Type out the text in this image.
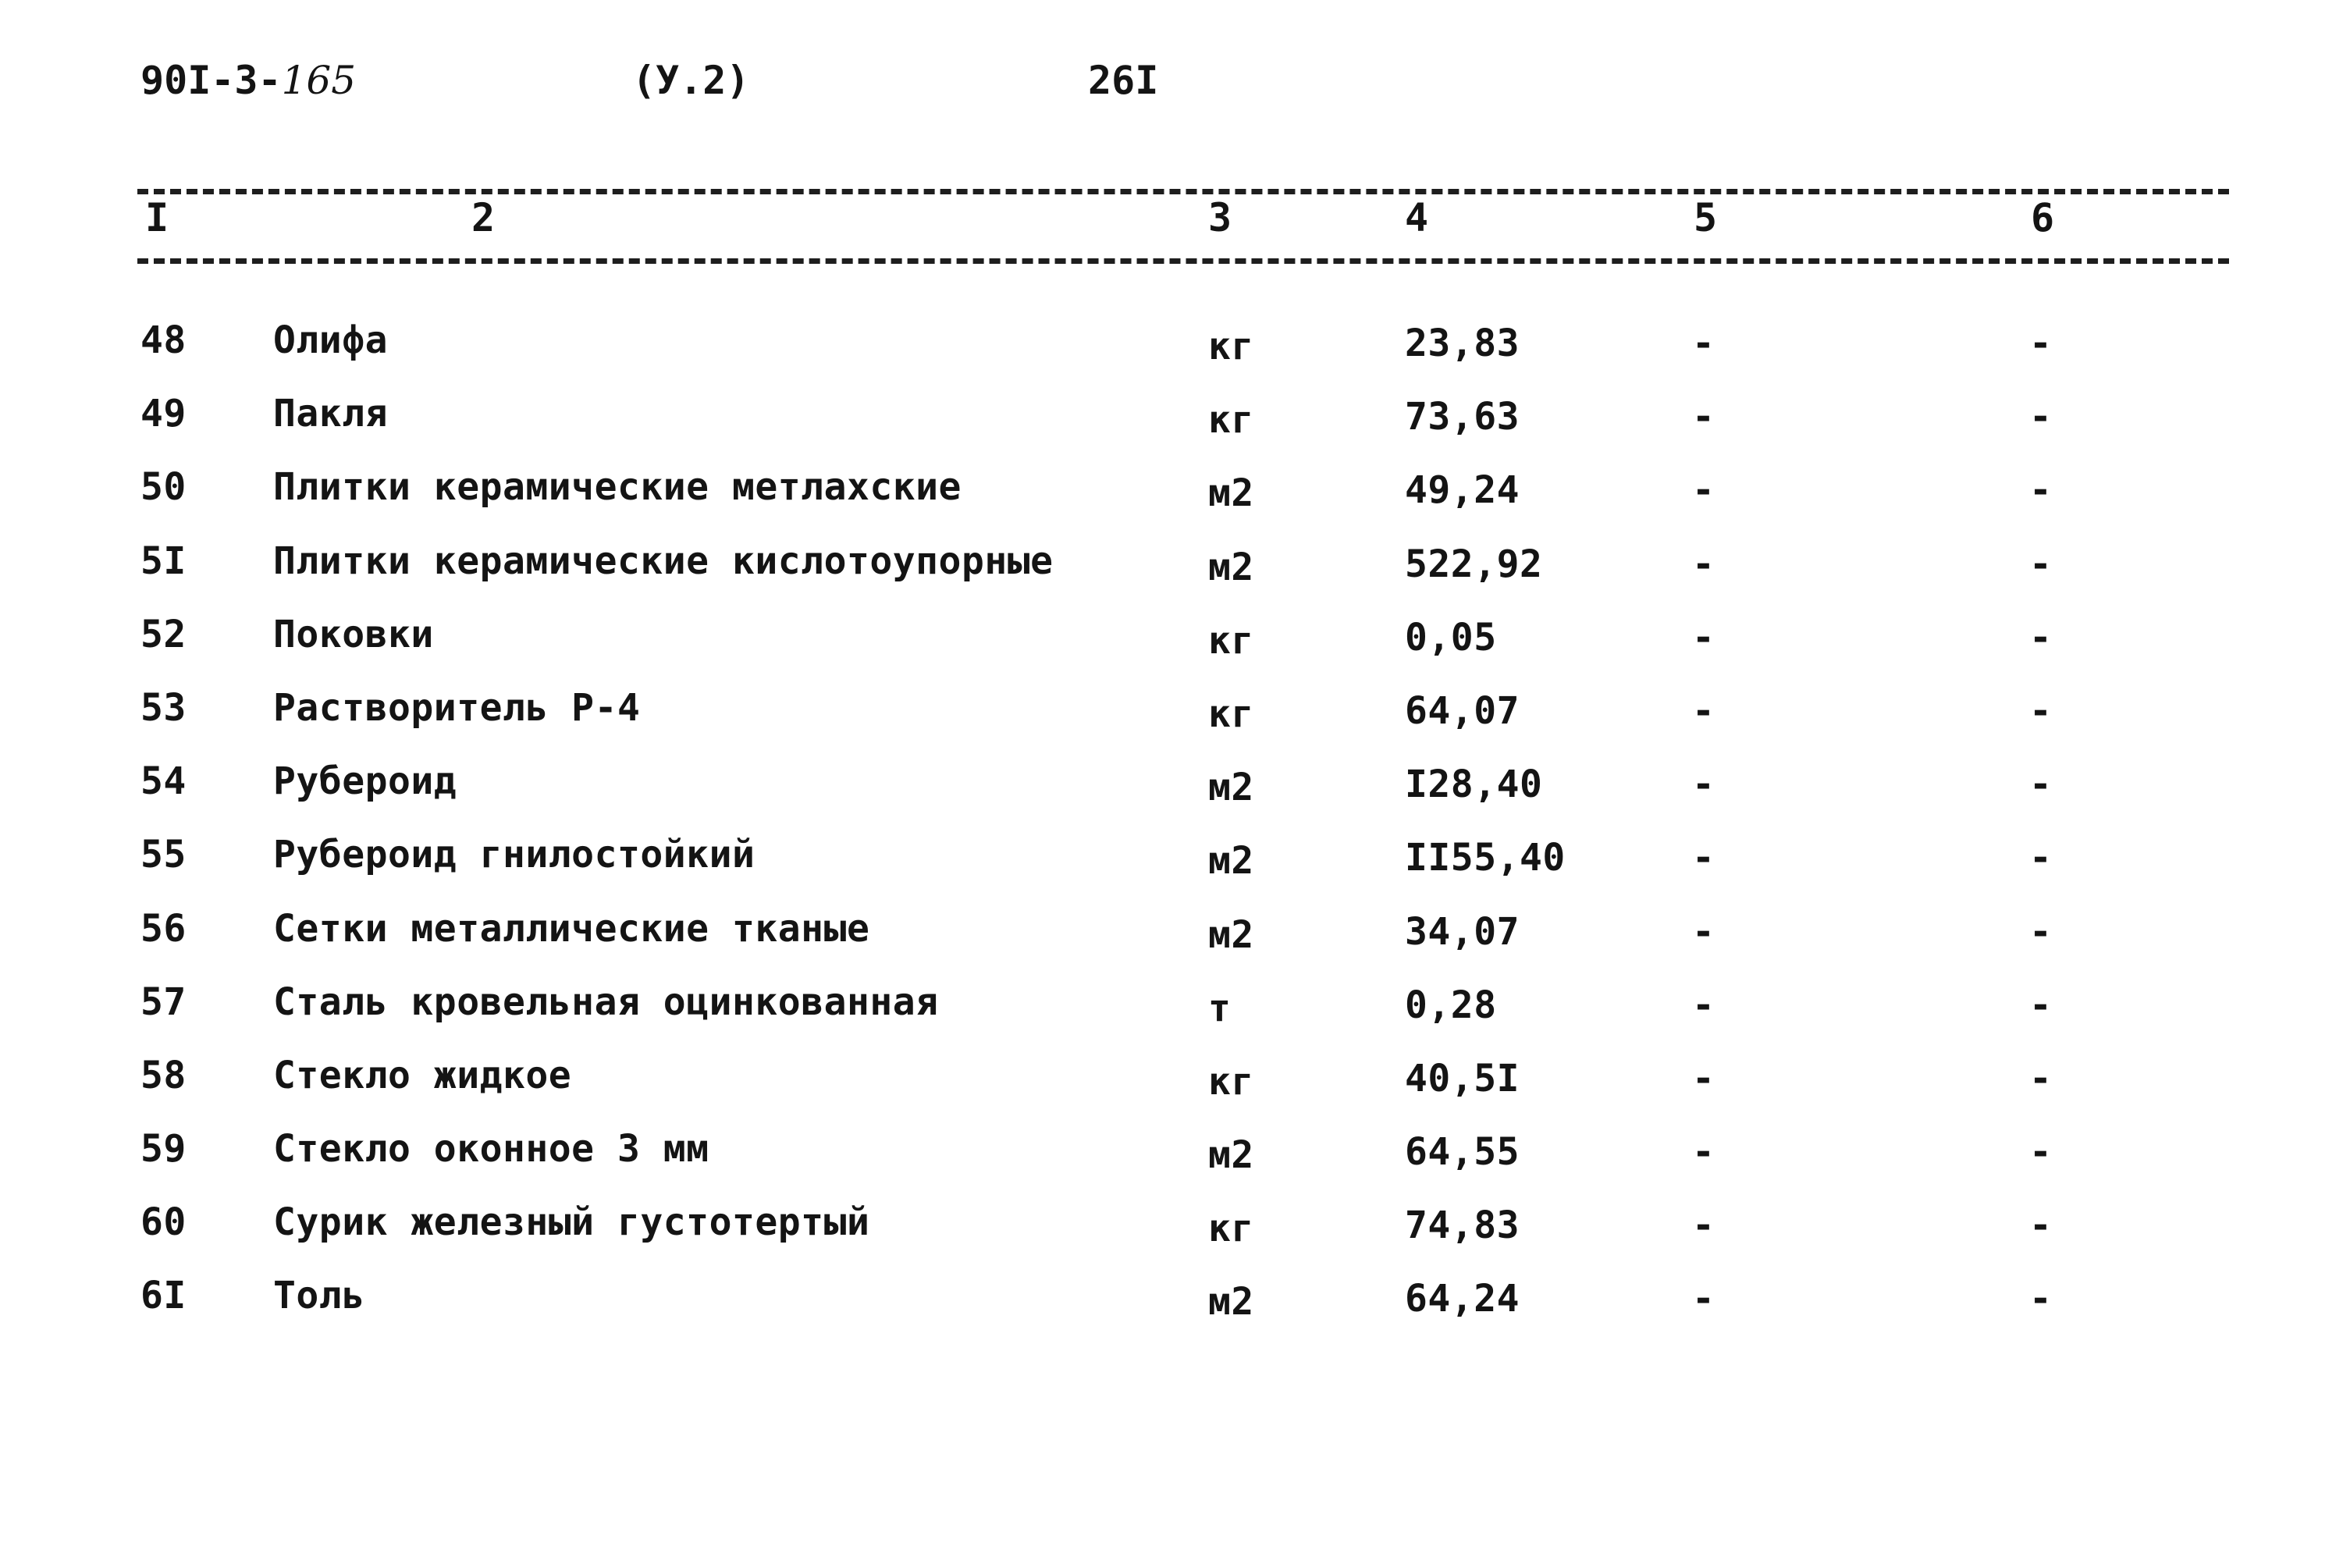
90I-3-165	(У.2)	26I
I	2	3	4	5	6
48 Олифа	кг	23,83	-	-
49 Пакля	кг	73,63	-	-
50 Плитки керамические метлахские	м2	49,24	-	-
5I Плитки керамические кислотоупорные	м2	522,92	-	-
52 Поковки	кг	0,05	-	-
53 Растворитель Р-4	кг	64,07	-	-
54 Рубероид	м2	I28,40	-	-
55 Рубероид гнилостойкий	м2	II55,40	-	-
56 Сетки металлические тканые	м2	34,07	-	-
57 Сталь кровельная оцинкованная	т	0,28	-	-
58 Стекло жидкое	кг	40,5I	-	-
59 Стекло оконное 3 мм	м2	64,55	-	-
60 Сурик железный густотертый	кг	74,83	-	-
6I Толь	м2	64,24	-	-
